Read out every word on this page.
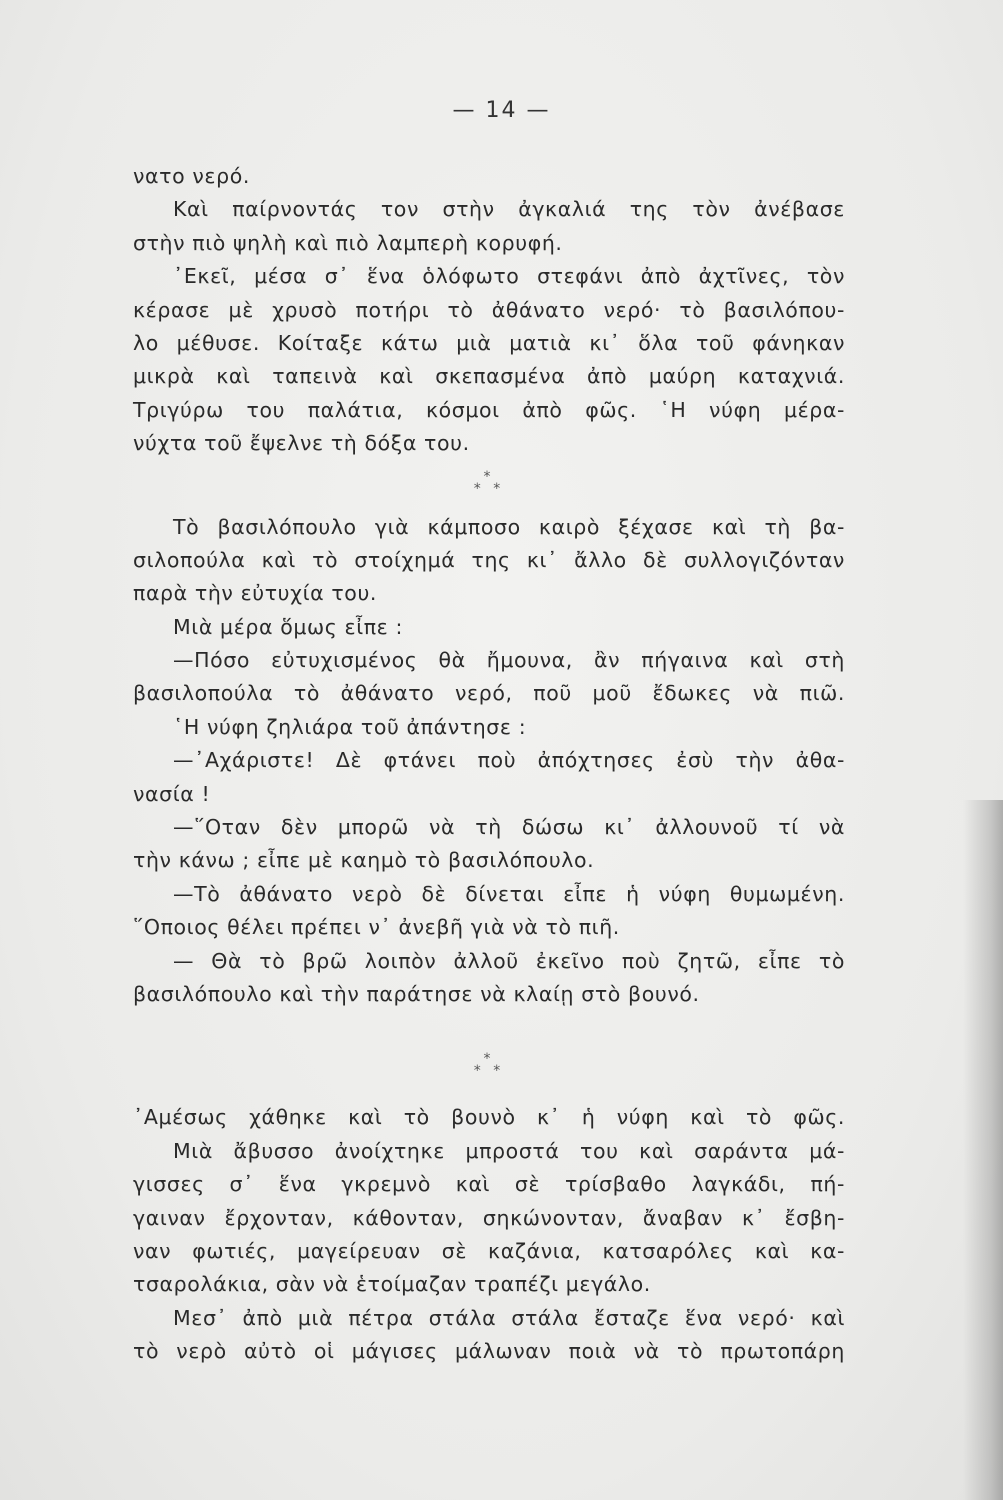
— 14 —
νατο νερό.
Καὶ παίρνοντάς τον στὴν ἀγκαλιά της τὸν ἀνέβασε
στὴν πιὸ ψηλὴ καὶ πιὸ λαμπερὴ κορυφή.
᾿Εκεῖ, μέσα σ᾿ ἕνα ὁλόφωτο στεφάνι ἀπὸ ἀχτῖνες, τὸν
κέρασε μὲ χρυσὸ ποτήρι τὸ ἀθάνατο νερό· τὸ βασιλόπου-
λο μέθυσε. Κοίταξε κάτω μιὰ ματιὰ κι᾿ ὅλα τοῦ φάνηκαν
μικρὰ καὶ ταπεινὰ καὶ σκεπασμένα ἀπὸ μαύρη καταχνιά.
Τριγύρω του παλάτια, κόσμοι ἀπὸ φῶς. ῾Η νύφη μέρα-
νύχτα τοῦ ἔψελνε τὴ δόξα του.
*
* *
Τὸ βασιλόπουλο γιὰ κάμποσο καιρὸ ξέχασε καὶ τὴ βα-
σιλοπούλα καὶ τὸ στοίχημά της κι᾿ ἄλλο δὲ συλλογιζόνταν
παρὰ τὴν εὐτυχία του.
Μιὰ μέρα ὅμως εἶπε :
—Πόσο εὐτυχισμένος θὰ ἤμουνα, ἂν πήγαινα καὶ στὴ
βασιλοπούλα τὸ ἀθάνατο νερό, ποῦ μοῦ ἔδωκες νὰ πιῶ.
῾Η νύφη ζηλιάρα τοῦ ἀπάντησε :
—᾿Αχάριστε! Δὲ φτάνει ποὺ ἀπόχτησες ἐσὺ τὴν ἀθα-
νασία !
—῞Οταν δὲν μπορῶ νὰ τὴ δώσω κι᾿ ἀλλουνοῦ τί νὰ
τὴν κάνω ; εἶπε μὲ καημὸ τὸ βασιλόπουλο.
—Τὸ ἀθάνατο νερὸ δὲ δίνεται εἶπε ἡ νύφη θυμωμένη.
῞Οποιος θέλει πρέπει ν᾿ ἀνεβῆ γιὰ νὰ τὸ πιῆ.
— Θὰ τὸ βρῶ λοιπὸν ἀλλοῦ ἐκεῖνο ποὺ ζητῶ, εἶπε τὸ
βασιλόπουλο καὶ τὴν παράτησε νὰ κλαίῃ στὸ βουνό.
*
* *
᾿Αμέσως χάθηκε καὶ τὸ βουνὸ κ᾿ ἡ νύφη καὶ τὸ φῶς.
Μιὰ ἄβυσσο ἀνοίχτηκε μπροστά του καὶ σαράντα μά-
γισσες σ᾿ ἕνα γκρεμνὸ καὶ σὲ τρίσβαθο λαγκάδι, πή-
γαιναν ἔρχονταν, κάθονταν, σηκώνονταν, ἄναβαν κ᾿ ἔσβη-
ναν φωτιές, μαγείρευαν σὲ καζάνια, κατσαρόλες καὶ κα-
τσαρολάκια, σὰν νὰ ἑτοίμαζαν τραπέζι μεγάλο.
Μεσ᾿ ἀπὸ μιὰ πέτρα στάλα στάλα ἔσταζε ἕνα νερό· καὶ
τὸ νερὸ αὐτὸ οἱ μάγισες μάλωναν ποιὰ νὰ τὸ πρωτοπάρη
